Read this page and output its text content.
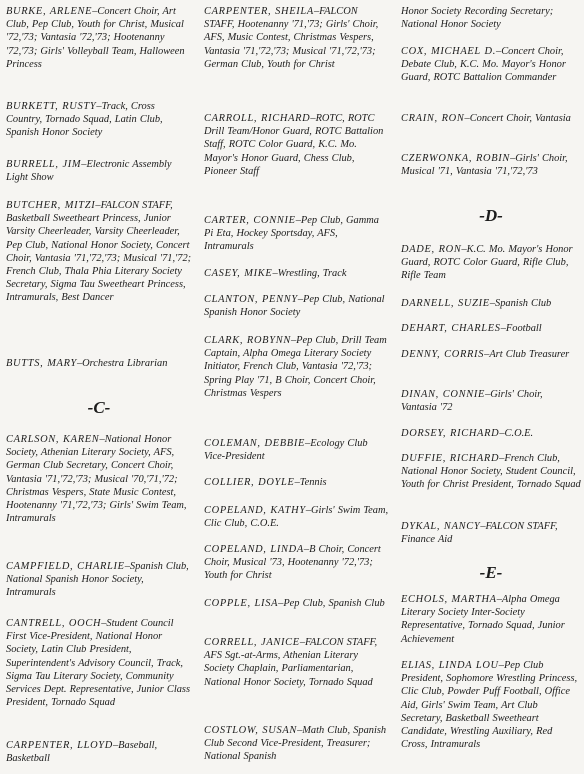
BURKE, ARLENE–Concert Choir, Art Club, Pep Club, Youth for Christ, Musical '72,'73; Vantasia '72,'73; Hootenanny '72,'73; Girls' Volleyball Team, Halloween Princess
BURKETT, RUSTY–Track, Cross Country, Tornado Squad, Latin Club, Spanish Honor Society
BURRELL, JIM–Electronic Assembly Light Show
BUTCHER, MITZI–FALCON STAFF, Basketball Sweetheart Princess, Junior Varsity Cheerleader, Varsity Cheerleader, Pep Club, National Honor Society, Concert Choir, Vantasia '71,'72,'73; Musical '71,'72; French Club, Thala Phia Literary Society Secretary, Sigma Tau Sweetheart Princess, Intramurals, Best Dancer
BUTTS, MARY–Orchestra Librarian
-C-
CARLSON, KAREN–National Honor Society, Athenian Literary Society, AFS, German Club Secretary, Concert Choir, Vantasia '71,'72,'73; Musical '70,'71,'72; Christmas Vespers, State Music Contest, Hootenanny '71,'72,'73; Girls' Swim Team, Intramurals
CAMPFIELD, CHARLIE–Spanish Club, National Spanish Honor Society, Intramurals
CANTRELL, OOCH–Student Council First Vice-President, National Honor Society, Latin Club President, Superintendent's Advisory Council, Track, Sigma Tau Literary Society, Community Services Dept. Representative, Junior Class President, Tornado Squad
CARPENTER, LLOYD–Baseball, Basketball
CARPENTER, SHEILA–FALCON STAFF, Hootenanny '71,'73; Girls' Choir, AFS, Music Contest, Christmas Vespers, Vantasia '71,'72,'73; Musical '71,'72,'73; German Club, Youth for Christ
CARROLL, RICHARD–ROTC, ROTC Drill Team/Honor Guard, ROTC Battalion Staff, ROTC Color Guard, K.C. Mo. Mayor's Honor Guard, Chess Club, Pioneer Staff
CARTER, CONNIE–Pep Club, Gamma Pi Eta, Hockey Sportsday, AFS, Intramurals
CASEY, MIKE–Wrestling, Track
CLANTON, PENNY–Pep Club, National Spanish Honor Society
CLARK, ROBYNN–Pep Club, Drill Team Captain, Alpha Omega Literary Society Initiator, French Club, Vantasia '72,'73; Spring Play '71, B Choir, Concert Choir, Christmas Vespers
COLEMAN, DEBBIE–Ecology Club Vice-President
COLLIER, DOYLE–Tennis
COPELAND, KATHY–Girls' Swim Team, Clic Club, C.O.E.
COPELAND, LINDA–B Choir, Concert Choir, Musical '73, Hootenanny '72,'73; Youth for Christ
COPPLE, LISA–Pep Club, Spanish Club
CORRELL, JANICE–FALCON STAFF, AFS Sgt.-at-Arms, Athenian Literary Society Chaplain, Parliamentarian, National Honor Society, Tornado Squad
COSTLOW, SUSAN–Math Club, Spanish Club Second Vice-President, Treasurer; National Spanish
Honor Society Recording Secretary; National Honor Society
COX, MICHAEL D.–Concert Choir, Debate Club, K.C. Mo. Mayor's Honor Guard, ROTC Battalion Commander
CRAIN, RON–Concert Choir, Vantasia
CZERWONKA, ROBIN–Girls' Choir, Musical '71, Vantasia '71,'72,'73
-D-
DADE, RON–K.C. Mo. Mayor's Honor Guard, ROTC Color Guard, Rifle Club, Rifle Team
DARNELL, SUZIE–Spanish Club
DEHART, CHARLES–Football
DENNY, CORRIS–Art Club Treasurer
DINAN, CONNIE–Girls' Choir, Vantasia '72
DORSEY, RICHARD–C.O.E.
DUFFIE, RICHARD–French Club, National Honor Society, Student Council, Youth for Christ President, Tornado Squad
DYKAL, NANCY–FALCON STAFF, Finance Aid
-E-
ECHOLS, MARTHA–Alpha Omega Literary Society Inter-Society Representative, Tornado Squad, Junior Achievement
ELIAS, LINDA LOU–Pep Club President, Sophomore Wrestling Princess, Clic Club, Powder Puff Football, Office Aid, Girls' Swim Team, Art Club Secretary, Basketball Sweetheart Candidate, Wrestling Auxiliary, Red Cross, Intramurals
